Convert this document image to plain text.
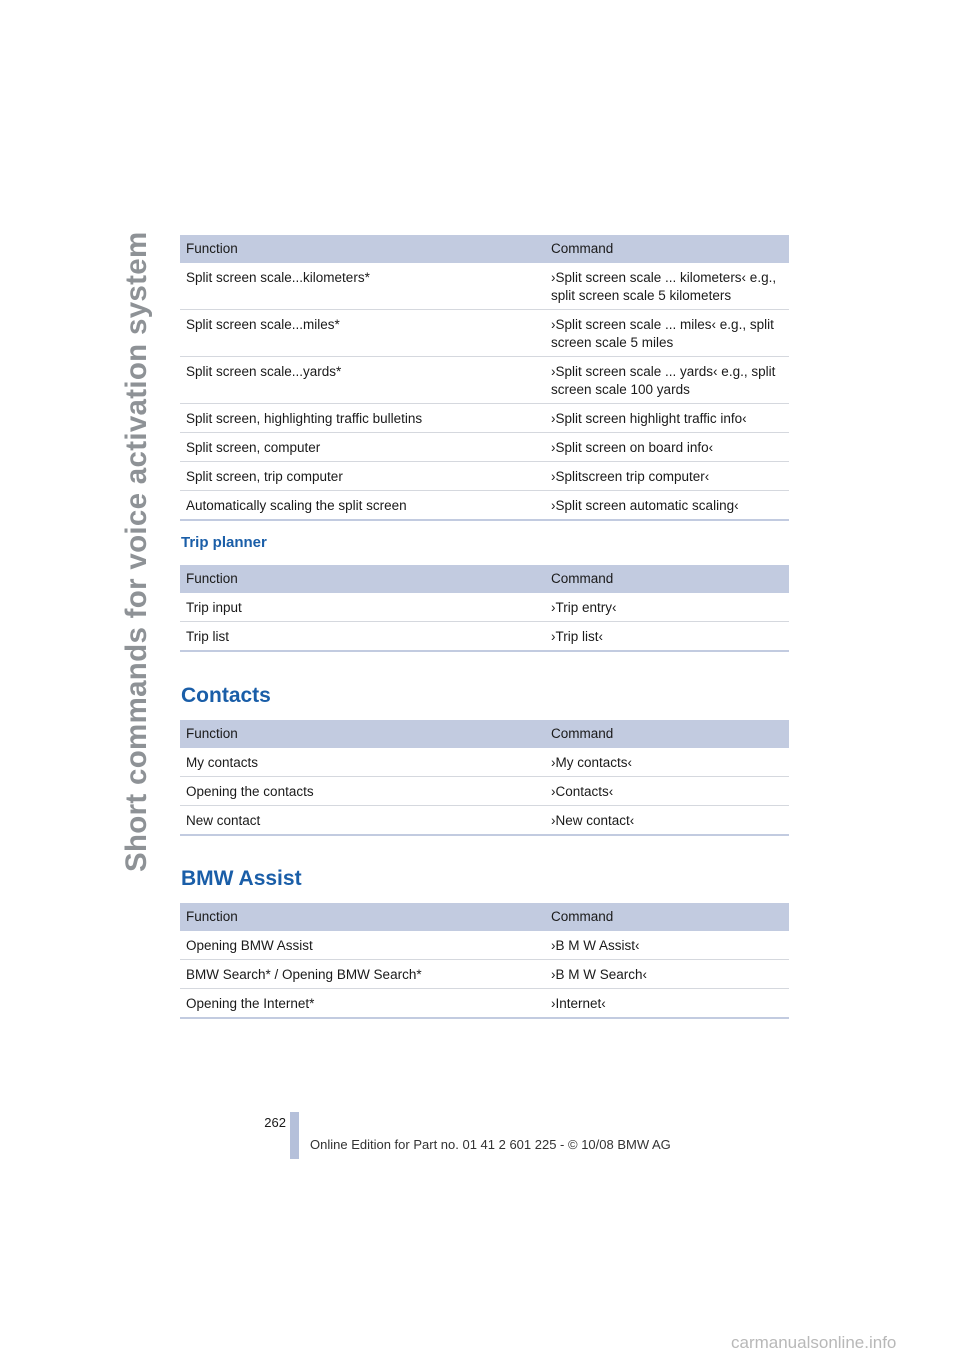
Short commands for voice activation system Function	Command
Split screen scale...kilometers*	›Split screen scale ... kilometers‹ e.g., split screen scale 5 kilometers
Split screen scale...miles*	›Split screen scale ... miles‹ e.g., split screen scale 5 miles
Split screen scale...yards*	›Split screen scale ... yards‹ e.g., split screen scale 100 yards
Split screen, highlighting traffic bulletins	›Split screen highlight traffic info‹
Split screen, computer	›Split screen on board info‹
Split screen, trip computer	›Splitscreen trip computer‹
Automatically scaling the split screen	›Split screen automatic scaling‹
Trip planner
Function	Command
Trip input	›Trip entry‹
Trip list	›Trip list‹
Contacts
Function	Command
My contacts	›My contacts‹
Opening the contacts	›Contacts‹
New contact	›New contact‹
BMW Assist
Function	Command
Opening BMW Assist	›B M W Assist‹
BMW Search* / Opening BMW Search*	›B M W Search‹
Opening the Internet*	›Internet‹
262
Online Edition for Part no. 01 41 2 601 225 - © 10/08 BMW AG
carmanualsonline.info
